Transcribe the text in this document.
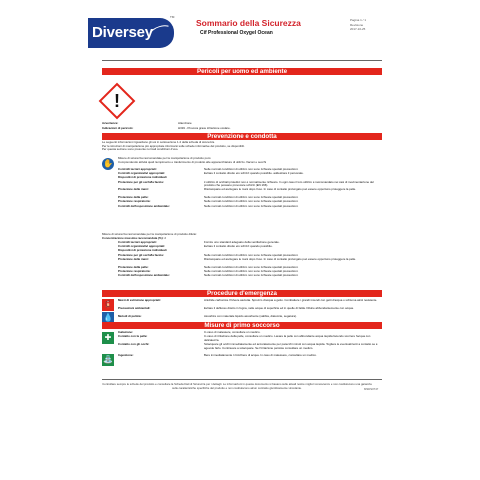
Diversey
TM
Sommario della Sicurezza
Cif Professional Oxygel Ocean
Pagina 1 / 1
Revisione
2017-10-25
Pericoli per uomo ed ambiente
!
Avvertenze:	Attenzione
Indicazioni di pericolo:	H319 - Provoca grave irritazione oculare.
Prevenzione e condotta
Le seguenti informazioni riguardano gli usi in sottosezione 1.2 della scheda di sicurezza.
Per le istruzioni di manipolazione più appropriate informarsi sulle schede informative del prodotto, se disponibili.
Per questa sezione sono presunte normali condizioni d'uso.
✋
Misure di sicurezza raccomandate per la manipolazione di prodotto puro:
Comprendendo attività quali riempimento e trasferimento di prodotto alle apparecchiature di utilizzo. flaconi e secchi
Controlli tecnici appropriati:	Nelle normali condizioni di utilizzo non sono richieste speciali precauzioni.
Controlli organizzativi appropriati:	Evitare il contatto diretto e/o schizzi quando possibile. addestrare il personale.
Dispositivi di protezione individuali
Protezione per gli occhi/la faccia:	L'utilizzo di occhiali protettivi non è normalmente richiesto. In ogni caso il loro utilizzo è raccomandato nei casi di movimentazione del prodotto che possano provocare schizzi (EN 166).
Protezione delle mani:	Risciacquare ed asciugare le mani dopo l'uso. In caso di contatto prolungato può essere opportuno proteggere la pelle.
Protezione della pelle:	Nelle normali condizioni di utilizzo non sono richieste speciali precauzioni.
Protezione respiratoria:	Nelle normali condizioni di utilizzo non sono richieste speciali precauzioni.
Controlli dell'esposizione ambientale:	Nelle normali condizioni di utilizzo non sono richieste speciali precauzioni.
Misure di sicurezza raccomandate per la manipolazione di prodotto diluito:
Concentrazione massima raccomandata (%): 2
Controlli tecnici appropriati:	Fornire uno standard adeguato della ventilazione generale.
Controlli organizzativi appropriati:	Evitare il contatto diretto e/o schizzi quando possibile.
Dispositivi di protezione individuali
Protezione per gli occhi/la faccia:	Nelle normali condizioni di utilizzo non sono richieste speciali precauzioni.
Protezione delle mani:	Risciacquare ed asciugare le mani dopo l'uso. In caso di contatto prolungato può essere opportuno proteggere la pelle.
Protezione della pelle:	Nelle normali condizioni di utilizzo non sono richieste speciali precauzioni.
Protezione respiratoria:	Nelle normali condizioni di utilizzo non sono richieste speciali precauzioni.
Controlli dell'esposizione ambientale:	Nelle normali condizioni di utilizzo non sono richieste speciali precauzioni.
Procedure d'emergenza
🧯
💧
Mezzi di estinzione appropriati:	Anidride carbonica. Polvere asciutta. Spruzzo d'acqua a getto. Combattere i grandi incendi con getti d'acqua o schiuma alcol resistente.
Precauzioni ambientali:	Evitare il deflusso diretto in fogna, nelle acque di superficie ed in quelle di falda. Diluire abbondantemente con acqua.
Metodi di pulizia:	Assorbire con materiale liquido assorbente (sabbia, diatomite, segatura).
Misure di primo soccorso
✚
⛲
Inalazione:	In caso di malessere, consultare un medico.
Contatto con la pelle:	In caso di irritazione della pelle, consultare un medico. Lavare la pelle con abbondante acqua tiepida facendo scorrere l'acqua con delicatezza.
Contatto con gli occhi:	Sciacquare gli occhi immediatamente ed accuratamente per parecchi minuti con acqua tiepida. Togliere le eventuali lenti a contatto se è agevole farlo. Continuare a sciacquare. Se l'irritazione persiste consultare un medico.
Ingestione:	Bere immediatamente 1 bicchiere di acqua. In caso di malessere, consultare un medico.
Controllare sempre le schede del prodotto e consultare la Scheda Dati di Sicurezza per i dettagli. Le informazioni in queste documento si basano sulle attuali nostre migliori conoscenze e non costituiscono una garanzia sulle caratteristiche specifiche del prodotto e non costituiscono alcun contratto giuridicamente vincolante.	MSDS0747
